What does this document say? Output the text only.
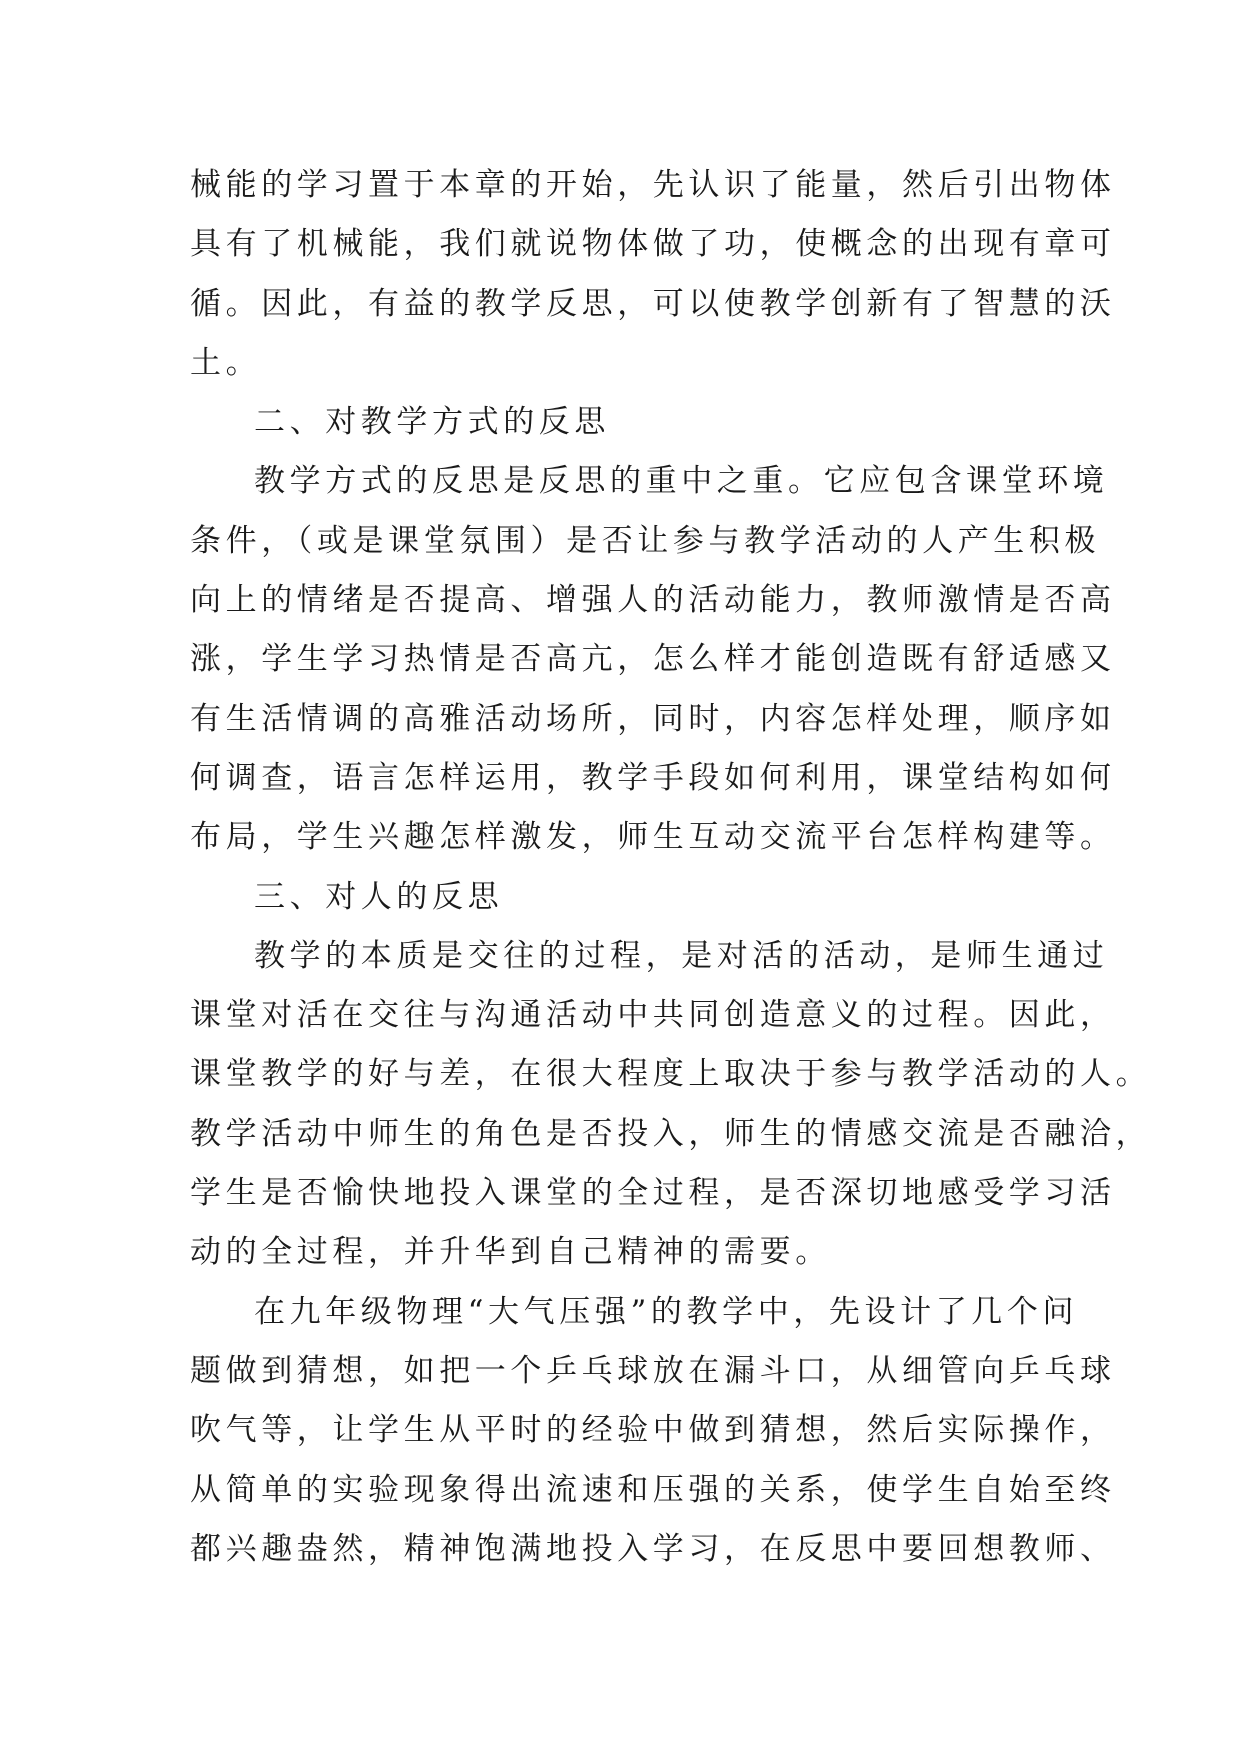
械能的学习置于本章的开始，先认识了能量，然后引出物体
具有了机械能，我们就说物体做了功，使概念的出现有章可
循。因此，有益的教学反思，可以使教学创新有了智慧的沃
土。
二、对教学方式的反思
教学方式的反思是反思的重中之重。它应包含课堂环境
条件，（或是课堂氛围）是否让参与教学活动的人产生积极
向上的情绪是否提高、增强人的活动能力，教师激情是否高
涨，学生学习热情是否高亢，怎么样才能创造既有舒适感又
有生活情调的高雅活动场所，同时，内容怎样处理，顺序如
何调查，语言怎样运用，教学手段如何利用，课堂结构如何
布局，学生兴趣怎样激发，师生互动交流平台怎样构建等。
三、对人的反思
教学的本质是交往的过程，是对活的活动，是师生通过
课堂对活在交往与沟通活动中共同创造意义的过程。因此，
课堂教学的好与差，在很大程度上取决于参与教学活动的人。
教学活动中师生的角色是否投入，师生的情感交流是否融洽，
学生是否愉快地投入课堂的全过程，是否深切地感受学习活
动的全过程，并升华到自己精神的需要。
在九年级物理“大气压强”的教学中，先设计了几个问
题做到猜想，如把一个乒乓球放在漏斗口，从细管向乒乓球
吹气等，让学生从平时的经验中做到猜想，然后实际操作，
从简单的实验现象得出流速和压强的关系，使学生自始至终
都兴趣盎然，精神饱满地投入学习，在反思中要回想教师、
